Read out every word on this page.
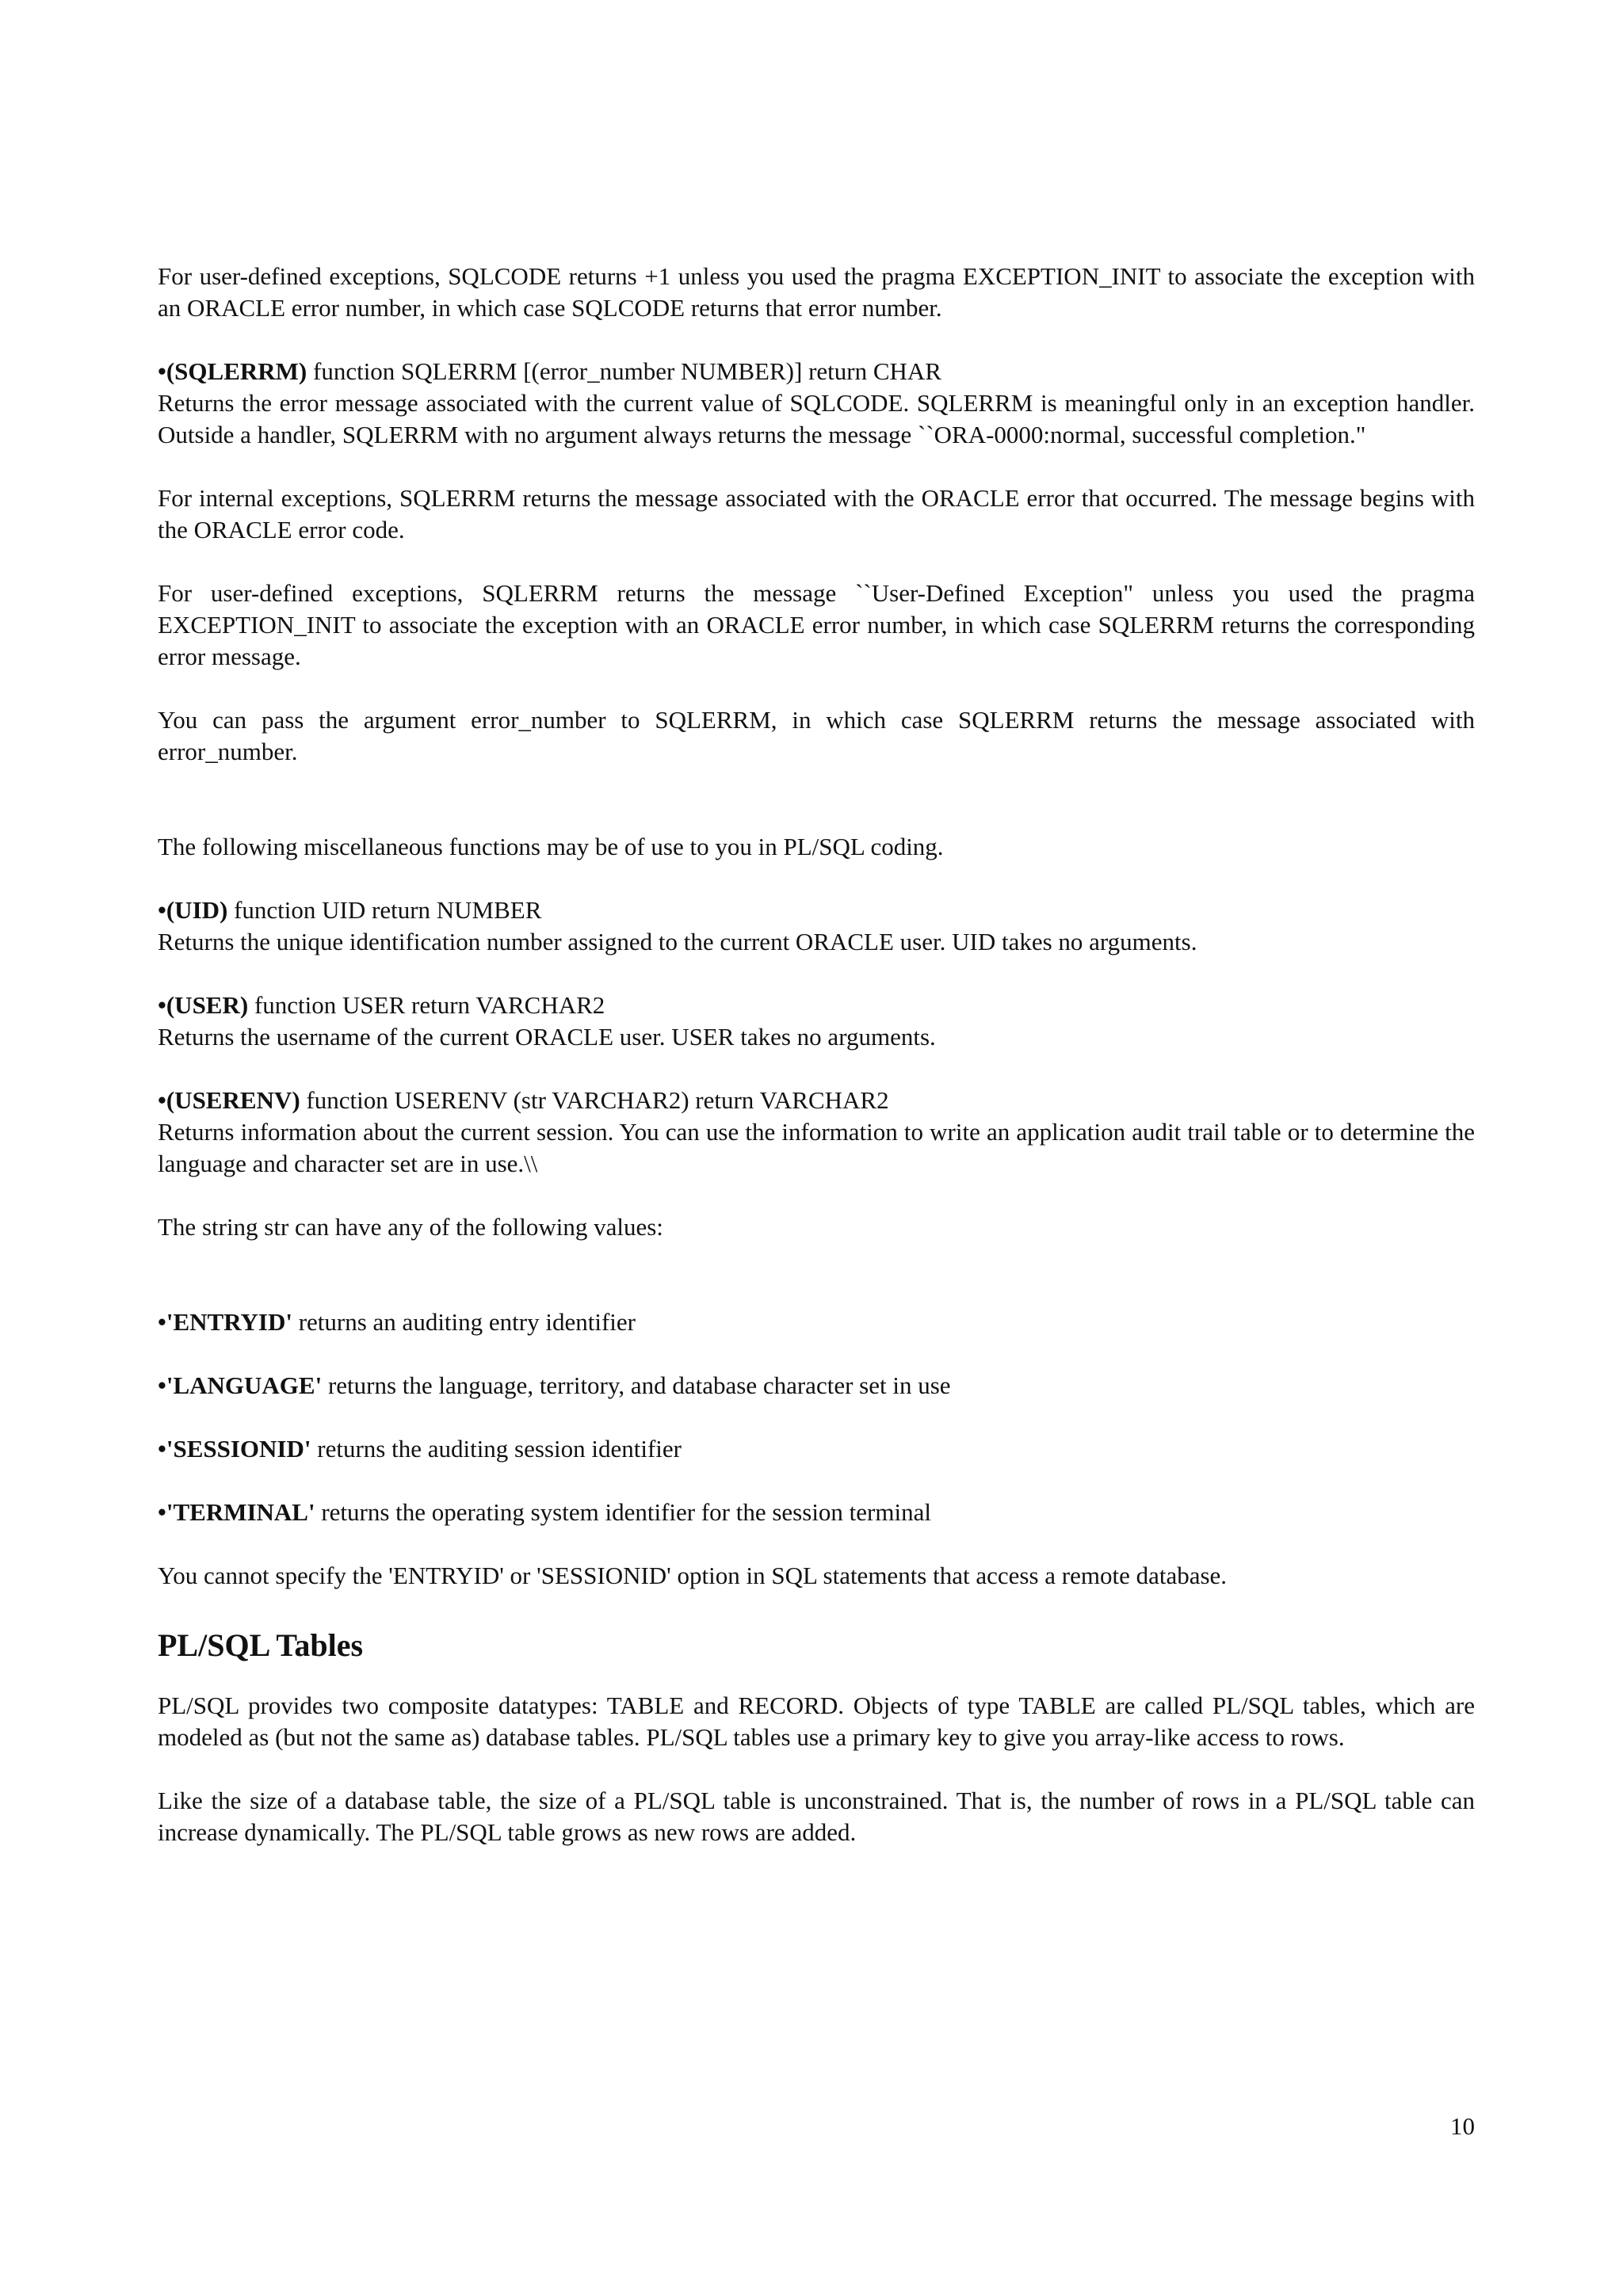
For user-defined exceptions, SQLCODE returns +1 unless you used the pragma EXCEPTION_INIT to associate the exception with an ORACLE error number, in which case SQLCODE returns that error number.

•(SQLERRM) function SQLERRM [(error_number NUMBER)] return CHAR

Returns the error message associated with the current value of SQLCODE. SQLERRM is meaningful only in an exception handler. Outside a handler, SQLERRM with no argument always returns the message ``ORA-0000:normal, successful completion."

For internal exceptions, SQLERRM returns the message associated with the ORACLE error that occurred. The message begins with the ORACLE error code.

For user-defined exceptions, SQLERRM returns the message ``User-Defined Exception" unless you used the pragma EXCEPTION_INIT to associate the exception with an ORACLE error number, in which case SQLERRM returns the corresponding error message.

You can pass the argument error_number to SQLERRM, in which case SQLERRM returns the message associated with error_number.

The following miscellaneous functions may be of use to you in PL/SQL coding.

•(UID) function UID return NUMBER

Returns the unique identification number assigned to the current ORACLE user. UID takes no arguments.

•(USER) function USER return VARCHAR2

Returns the username of the current ORACLE user. USER takes no arguments.

•(USERENV) function USERENV (str VARCHAR2) return VARCHAR2

Returns information about the current session. You can use the information to write an application audit trail table or to determine the language and character set are in use.\\

The string str can have any of the following values:

•'ENTRYID' returns an auditing entry identifier

•'LANGUAGE' returns the language, territory, and database character set in use

•'SESSIONID' returns the auditing session identifier

•'TERMINAL' returns the operating system identifier for the session terminal

You cannot specify the 'ENTRYID' or 'SESSIONID' option in SQL statements that access a remote database.

PL/SQL Tables

PL/SQL provides two composite datatypes: TABLE and RECORD. Objects of type TABLE are called PL/SQL tables, which are modeled as (but not the same as) database tables. PL/SQL tables use a primary key to give you array-like access to rows.

Like the size of a database table, the size of a PL/SQL table is unconstrained. That is, the number of rows in a PL/SQL table can increase dynamically. The PL/SQL table grows as new rows are added.

10
